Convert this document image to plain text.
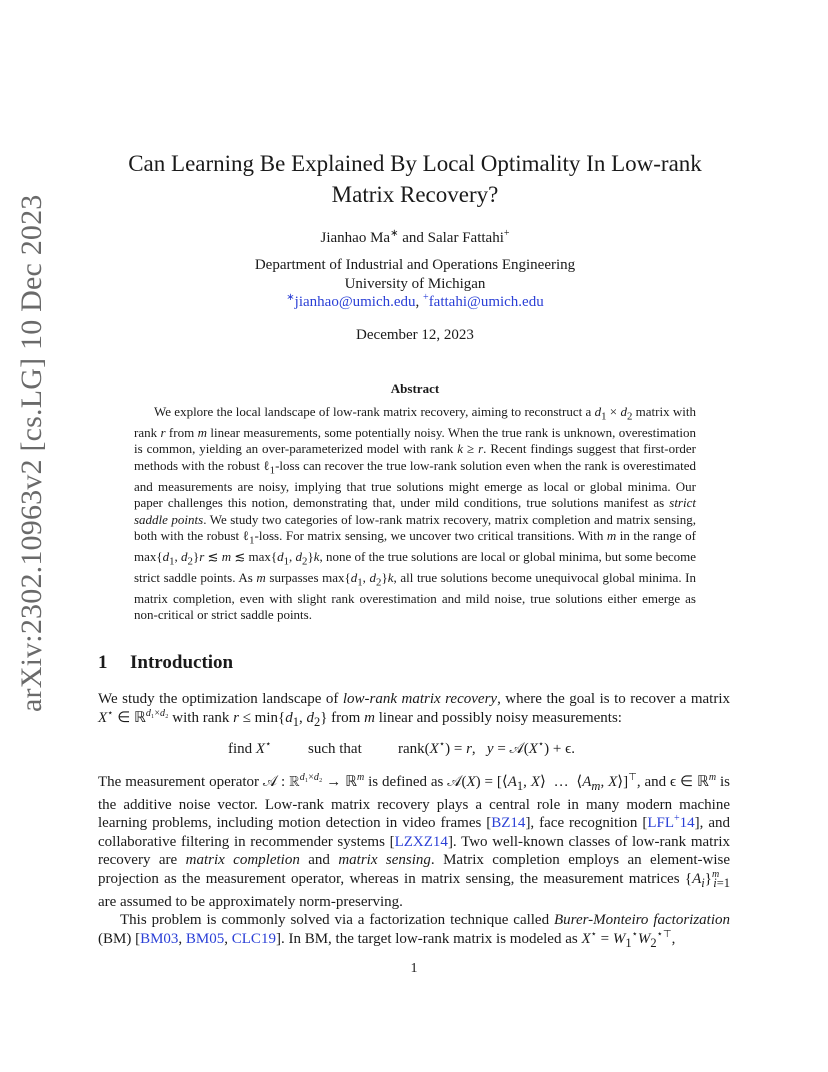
arXiv:2302.10963v2 [cs.LG] 10 Dec 2023
Can Learning Be Explained By Local Optimality In Low-rank
Matrix Recovery?
Jianhao Ma∗ and Salar Fattahi+
Department of Industrial and Operations Engineering
University of Michigan
∗jianhao@umich.edu, +fattahi@umich.edu
December 12, 2023
Abstract

We explore the local landscape of low-rank matrix recovery, aiming to reconstruct a $d_1 \times d_2$ matrix with rank r from m linear measurements, some potentially noisy. When the true rank is unknown, overestimation is common, yielding an over-parameterized model with rank k ≥ r. Recent findings suggest that first-order methods with the robust ℓ$_1$-loss can recover the true low-rank solution even when the rank is overestimated and measurements are noisy, implying that true solutions might emerge as local or global minima. Our paper challenges this notion, demonstrating that, under mild conditions, true solutions manifest as strict saddle points. We study two categories of low-rank matrix recovery, matrix completion and matrix sensing, both with the robust ℓ$_1$-loss. For matrix sensing, we uncover two critical transitions. With m in the range of $\max\{d_1$, $d_2\}r$ ≲ m ≲ $\max\{d_1$, $d_2\}k$, none of the true solutions are local or global minima, but some become strict saddle points. As m surpasses $\max\{d_1$, $d_2\}k$, all true solutions become unequivocal global minima. In matrix completion, even with slight rank overestimation and mild noise, true solutions either emerge as non-critical or strict saddle points.

1 Introduction

We study the optimization landscape of low-rank matrix recovery, where the goal is to recover a matrix X⋆ ∈ ℝ$^{d_1\times d_2}$ with rank $r \le \min\{d_1$, $d_2$} from m linear and possibly noisy measurements:

find X⋆ such that rank(X⋆) = r,   y = 𝒜(X⋆) + ϵ.

The measurement operator 𝒜 : ℝ$^{d_1\times d_2}$ → ℝ$^m$ is defined as 𝒜(X) = [$⟨A_1$, X⟩  …  $⟨A_m$, X⟩]⊤, and ϵ ∈ ℝ$^m$ is the additive noise vector. Low-rank matrix recovery plays a central role in many modern machine learning problems, including motion detection in video frames [BZ14], face recognition [LFL+14], and collaborative filtering in recommender systems [LZXZ14]. Two well-known classes of low-rank matrix recovery are matrix completion and matrix sensing. Matrix completion employs an element-wise projection as the measurement operator, whereas in matrix sensing, the measurement matrices $\{A_i\}^m_{i=1}$ are assumed to be approximately norm-preserving.

This problem is commonly solved via a factorization technique called Burer-Monteiro factorization (BM) [BM03, BM05, CLC19]. In BM, the target low-rank matrix is modeled as $X^⋆ = W_1^⋆W_2^{⋆⊤}$,

1
